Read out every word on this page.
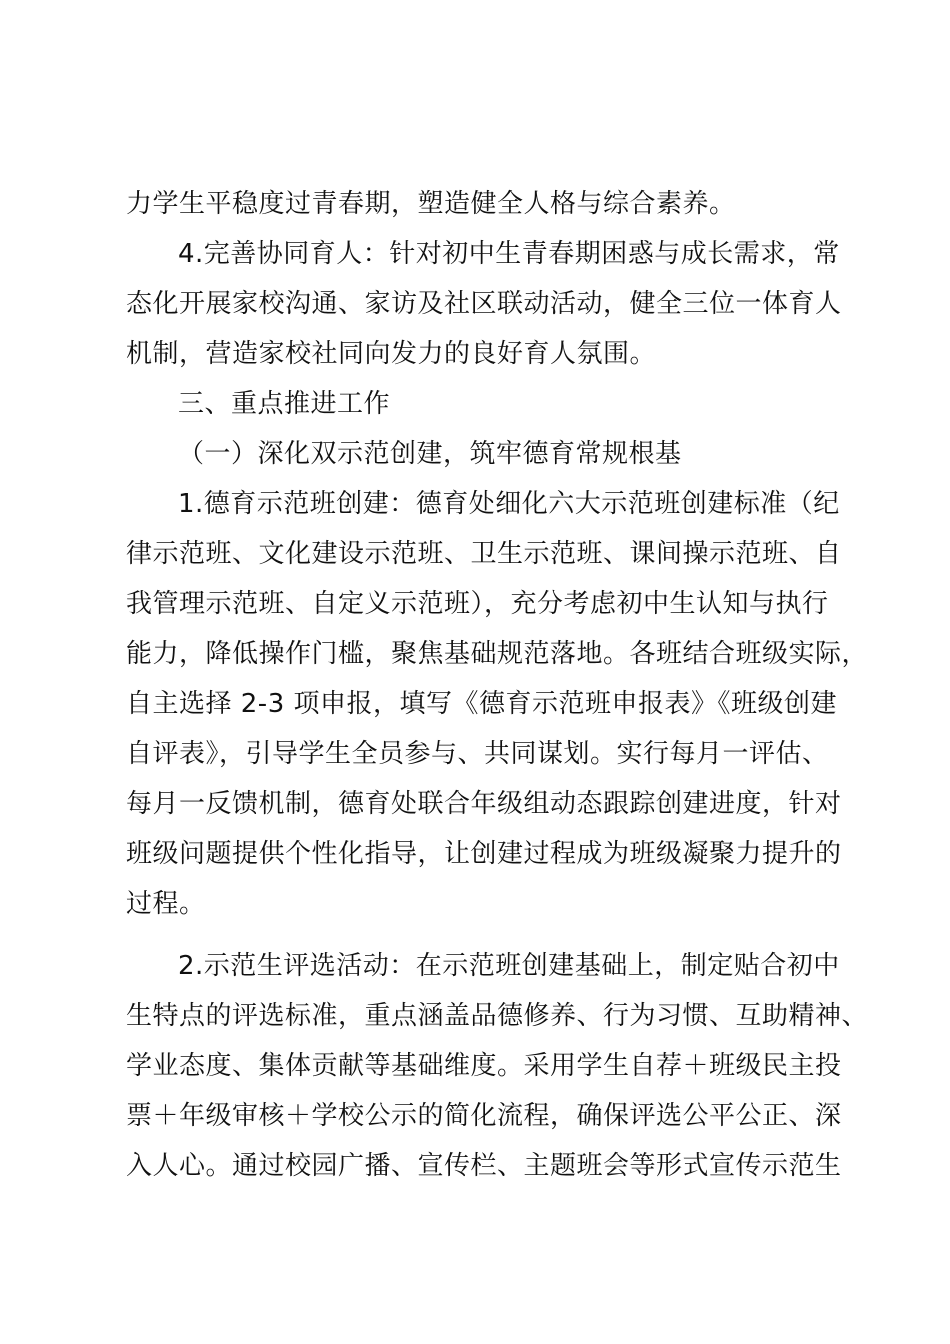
力学生平稳度过青春期，塑造健全人格与综合素养。
4.完善协同育人：针对初中生青春期困惑与成长需求，常
态化开展家校沟通、家访及社区联动活动，健全三位一体育人
机制，营造家校社同向发力的良好育人氛围。
三、重点推进工作
（一）深化双示范创建，筑牢德育常规根基
1.德育示范班创建：德育处细化六大示范班创建标准（纪
律示范班、文化建设示范班、卫生示范班、课间操示范班、自
我管理示范班、自定义示范班），充分考虑初中生认知与执行
能力，降低操作门槛，聚焦基础规范落地。各班结合班级实际，
自主选择 2-3 项申报，填写《德育示范班申报表》《班级创建
自评表》，引导学生全员参与、共同谋划。实行每月一评估、
每月一反馈机制，德育处联合年级组动态跟踪创建进度，针对
班级问题提供个性化指导，让创建过程成为班级凝聚力提升的
过程。
2.示范生评选活动：在示范班创建基础上，制定贴合初中
生特点的评选标准，重点涵盖品德修养、行为习惯、互助精神、
学业态度、集体贡献等基础维度。采用学生自荐＋班级民主投
票＋年级审核＋学校公示的简化流程，确保评选公平公正、深
入人心。通过校园广播、宣传栏、主题班会等形式宣传示范生
